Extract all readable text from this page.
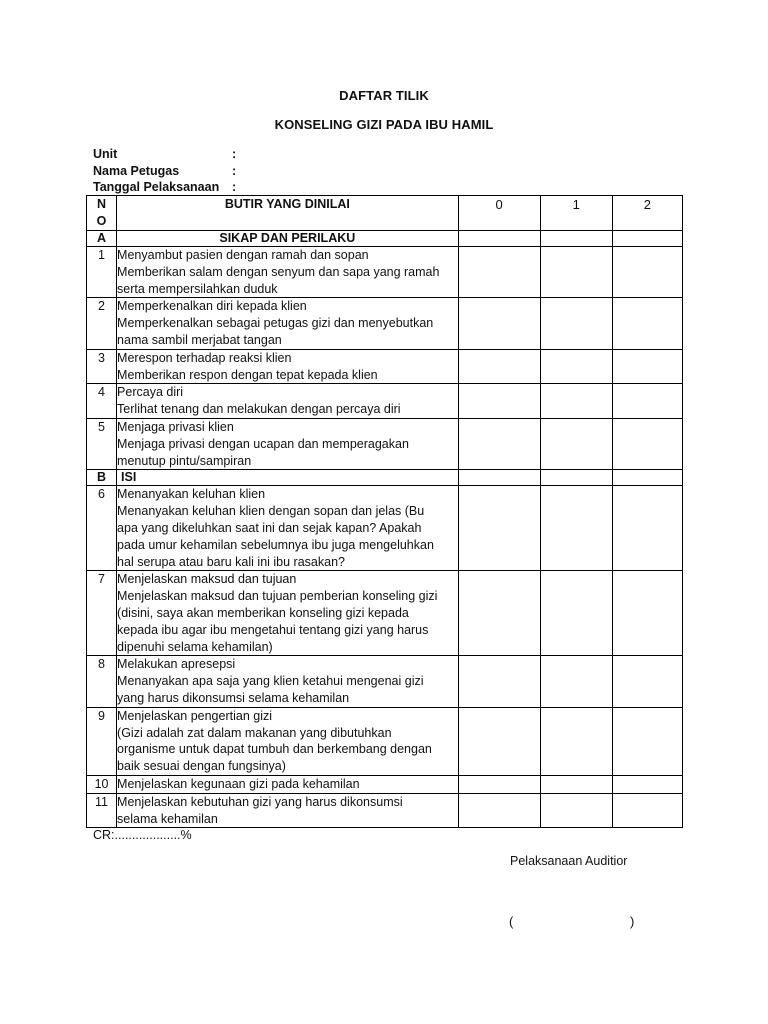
DAFTAR TILIK
KONSELING GIZI PADA IBU HAMIL
Unit	:
Nama Petugas	:
Tanggal Pelaksanaan :
N
O	BUTIR YANG DINILAI	0	1	2
A	SIKAP DAN PERILAKU			
1	Menyambut pasien dengan ramah dan sopan
Memberikan salam dengan senyum dan sapa yang ramah
serta mempersilahkan duduk			

2	Memperkenalkan diri kepada klien
Memperkenalkan sebagai petugas gizi dan menyebutkan
nama sambil merjabat tangan			

3	Merespon terhadap reaksi klien
Memberikan respon dengan tepat kepada klien			

4	Percaya diri
Terlihat tenang dan melakukan dengan percaya diri			

5	Menjaga privasi klien
Menjaga privasi dengan ucapan dan memperagakan
menutup pintu/sampiran			

B	ISI			
6	Menanyakan keluhan klien
Menanyakan keluhan klien dengan sopan dan jelas (Bu
apa yang dikeluhkan saat ini dan sejak kapan? Apakah
pada umur kehamilan sebelumnya ibu juga mengeluhkan
hal serupa atau baru kali ini ibu rasakan?			

7	Menjelaskan maksud dan tujuan
Menjelaskan maksud dan tujuan pemberian konseling gizi
(disini, saya akan memberikan konseling gizi kepada
kepada ibu agar ibu mengetahui tentang gizi yang harus
dipenuhi selama kehamilan)			

8	Melakukan apresepsi
Menanyakan apa saja yang klien ketahui mengenai gizi
yang harus dikonsumsi selama kehamilan			

9	Menjelaskan pengertian gizi
(Gizi adalah zat dalam makanan yang dibutuhkan
organisme untuk dapat tumbuh dan berkembang dengan
baik sesuai dengan fungsinya)			

10	Menjelaskan kegunaan gizi pada kehamilan			

11	Menjelaskan kebutuhan gizi yang harus dikonsumsi
selama kehamilan			

CR:...................%
Pelaksanaan Auditior
(	)
